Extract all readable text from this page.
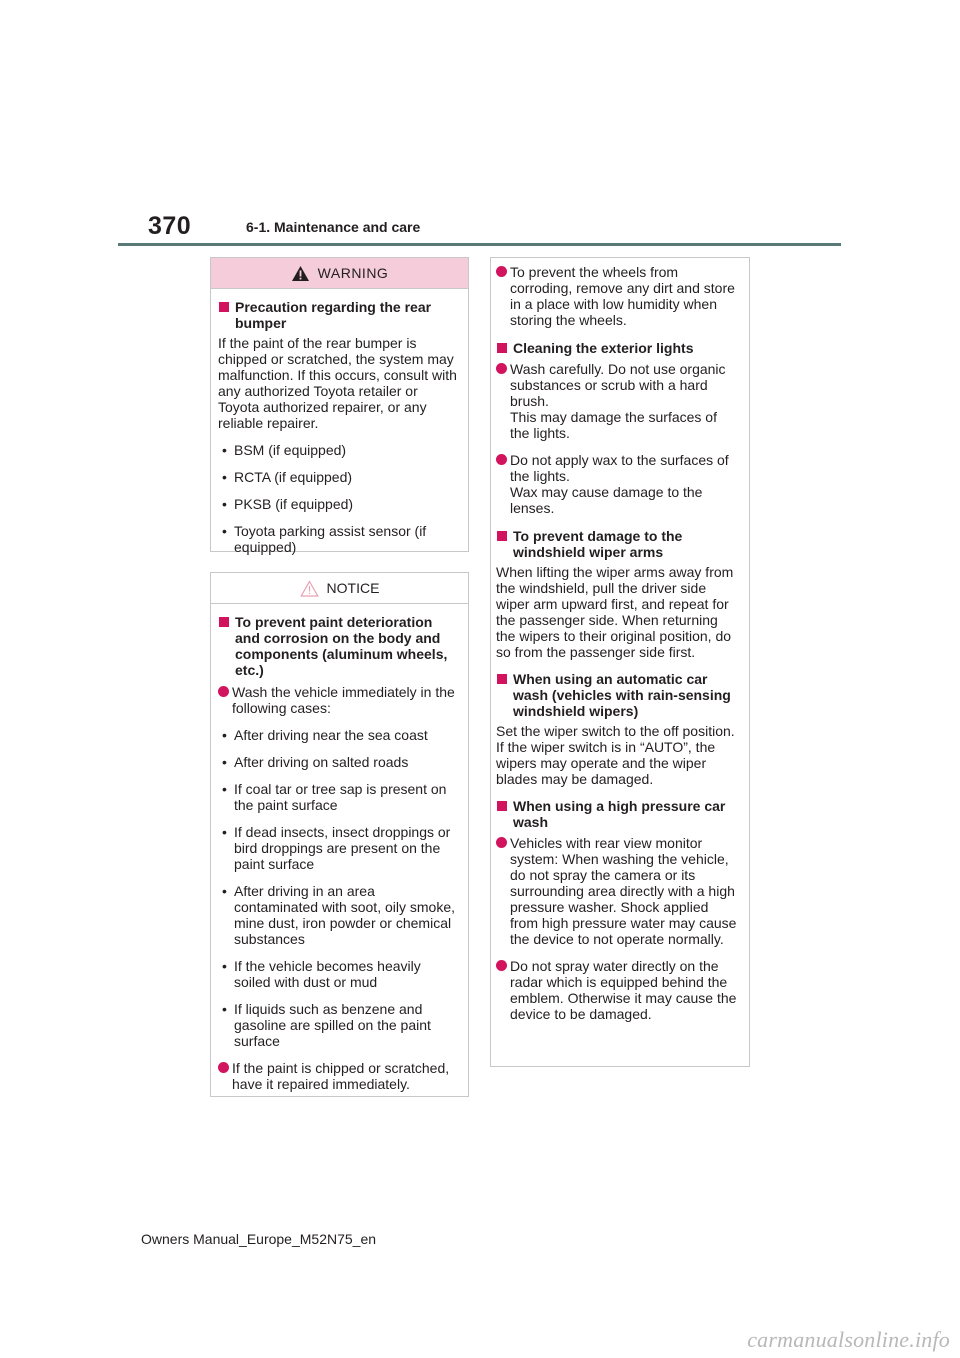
370	6-1. Maintenance and care
WARNING
Precaution regarding the rear bumper
If the paint of the rear bumper is chipped or scratched, the system may malfunction. If this occurs, consult with any authorized Toyota retailer or Toyota authorized repairer, or any reliable repairer.
• BSM (if equipped)
• RCTA (if equipped)
• PKSB (if equipped)
• Toyota parking assist sensor (if equipped)
NOTICE
To prevent paint deterioration and corrosion on the body and components (aluminum wheels, etc.)
Wash the vehicle immediately in the following cases:
• After driving near the sea coast
• After driving on salted roads
• If coal tar or tree sap is present on the paint surface
• If dead insects, insect droppings or bird droppings are present on the paint surface
• After driving in an area contaminated with soot, oily smoke, mine dust, iron powder or chemical substances
• If the vehicle becomes heavily soiled with dust or mud
• If liquids such as benzene and gasoline are spilled on the paint surface
If the paint is chipped or scratched, have it repaired immediately.
To prevent the wheels from corroding, remove any dirt and store in a place with low humidity when storing the wheels.
Cleaning the exterior lights
Wash carefully. Do not use organic substances or scrub with a hard brush.
This may damage the surfaces of the lights.
Do not apply wax to the surfaces of the lights.
Wax may cause damage to the lenses.
To prevent damage to the windshield wiper arms
When lifting the wiper arms away from the windshield, pull the driver side wiper arm upward first, and repeat for the passenger side. When returning the wipers to their original position, do so from the passenger side first.
When using an automatic car wash (vehicles with rain-sensing windshield wipers)
Set the wiper switch to the off position. If the wiper switch is in “AUTO”, the wipers may operate and the wiper blades may be damaged.
When using a high pressure car wash
Vehicles with rear view monitor system: When washing the vehicle, do not spray the camera or its surrounding area directly with a high pressure washer. Shock applied from high pressure water may cause the device to not operate normally.
Do not spray water directly on the radar which is equipped behind the emblem. Otherwise it may cause the device to be damaged.
Owners Manual_Europe_M52N75_en
carmanualsonline.info
